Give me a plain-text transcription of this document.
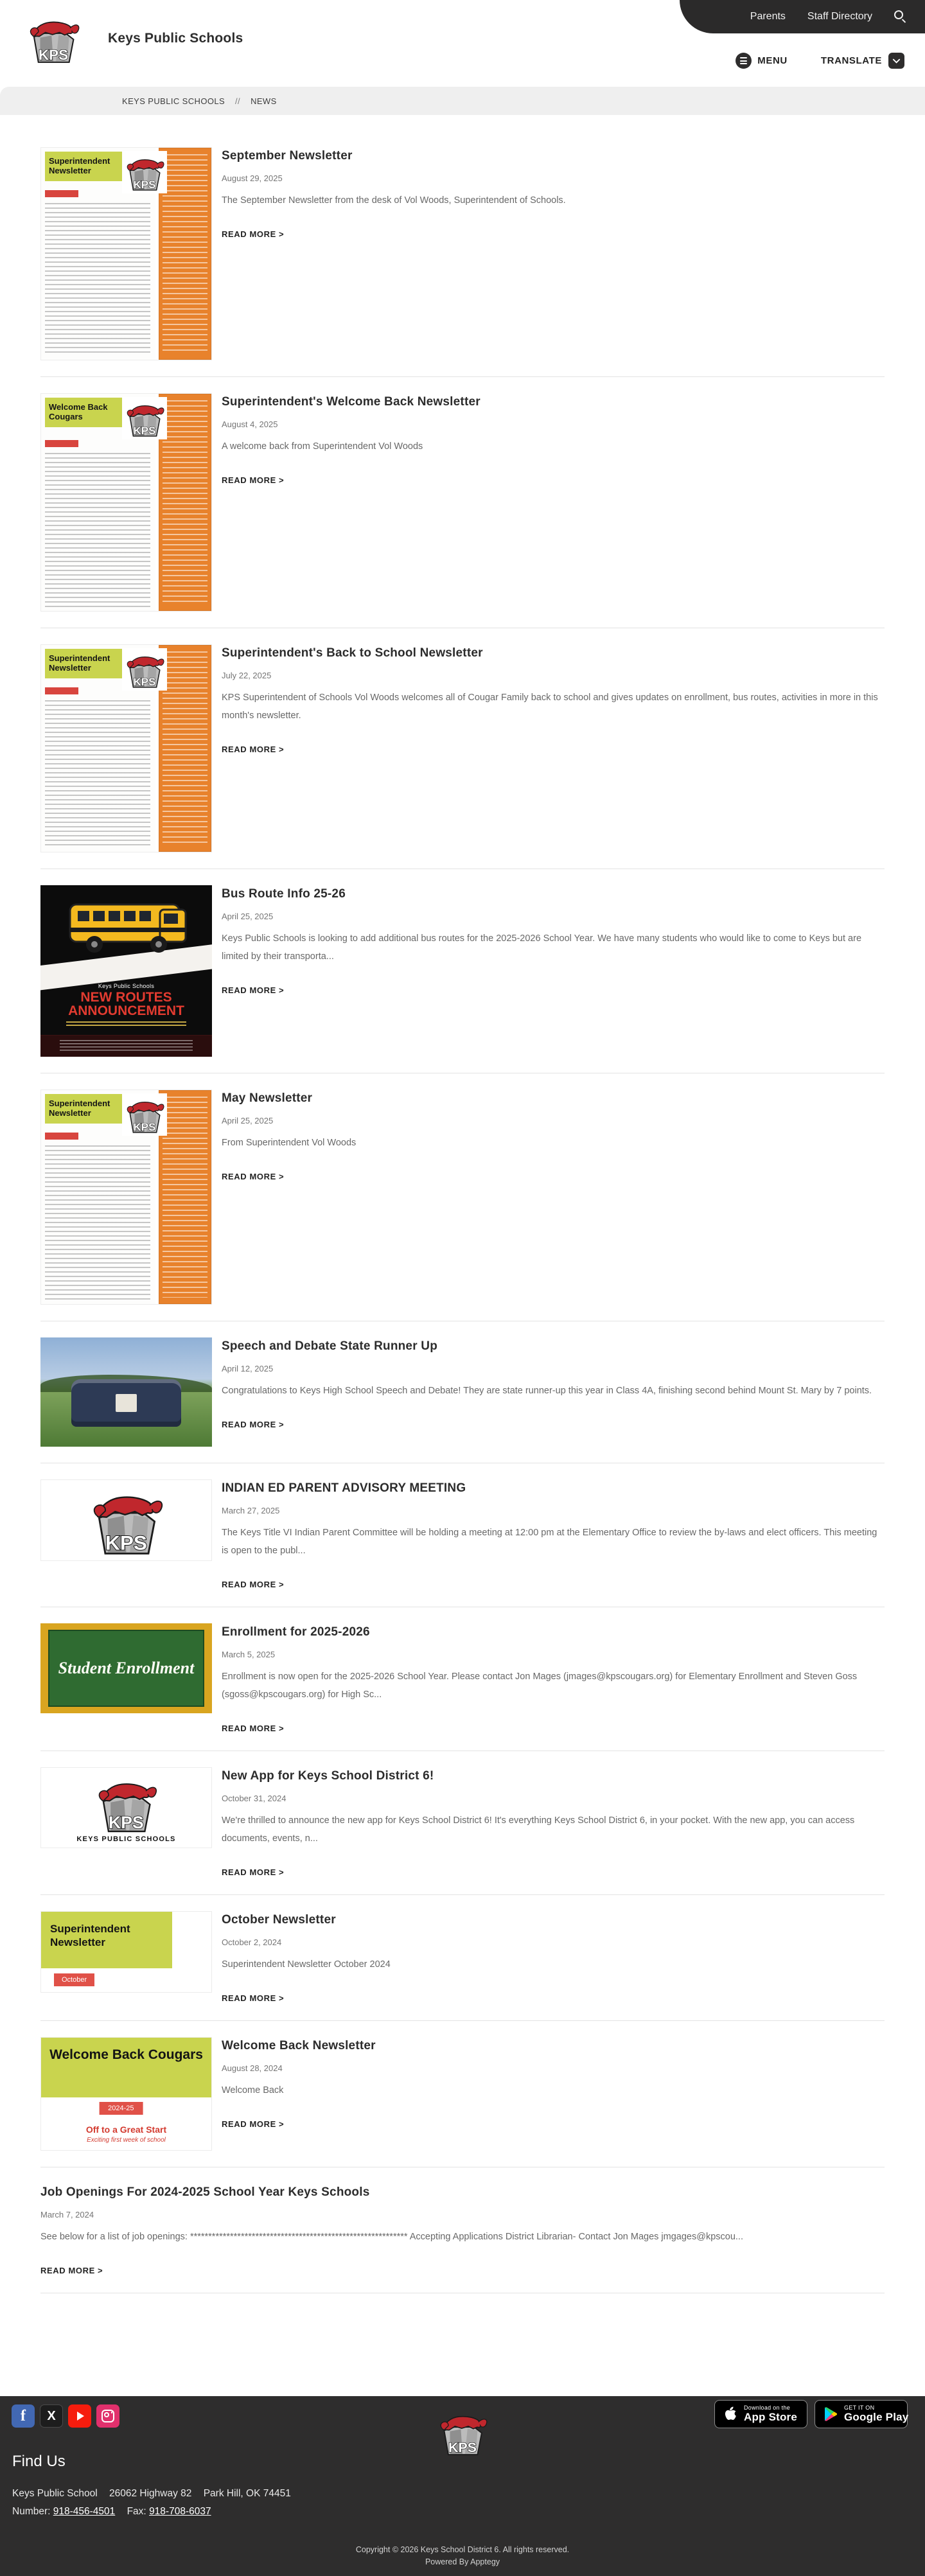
Parents Staff Directory
Keys Public Schools
MENU	TRANSLATE
KEYS PUBLIC SCHOOLS // NEWS
Superintendent Newsletter
September Newsletter
August 29, 2025
The September Newsletter from the desk of Vol Woods, Superintendent of Schools.
READ MORE >
Welcome Back Cougars
Superintendent's Welcome Back Newsletter
August 4, 2025
A welcome back from Superintendent Vol Woods
READ MORE >
Superintendent Newsletter
Superintendent's Back to School Newsletter
July 22, 2025
KPS Superintendent of Schools Vol Woods welcomes all of Cougar Family back to school and gives updates on enrollment, bus routes, activities in more in this month's newsletter.
READ MORE >
Keys Public Schools
NEW ROUTES ANNOUNCEMENT
Bus Route Info 25-26
April 25, 2025
Keys Public Schools is looking to add additional bus routes for the 2025-2026 School Year. We have many students who would like to come to Keys but are limited by their transporta...
READ MORE >
Superintendent Newsletter
May Newsletter
April 25, 2025
From Superintendent Vol Woods
READ MORE >
Speech and Debate State Runner Up
April 12, 2025
Congratulations to Keys High School Speech and Debate! They are state runner-up this year in Class 4A, finishing second behind Mount St. Mary by 7 points.
READ MORE >
INDIAN ED PARENT ADVISORY MEETING
March 27, 2025
The Keys Title VI Indian Parent Committee will be holding a meeting at 12:00 pm at the Elementary Office to review the by-laws and elect officers. This meeting is open to the publ...
READ MORE >
Student Enrollment
Enrollment for 2025-2026
March 5, 2025
Enrollment is now open for the 2025-2026 School Year. Please contact Jon Mages (jmages@kpscougars.org) for Elementary Enrollment and Steven Goss (sgoss@kpscougars.org) for High Sc...
READ MORE >
KEYS PUBLIC SCHOOLS
New App for Keys School District 6!
October 31, 2024
We're thrilled to announce the new app for Keys School District 6! It's everything Keys School District 6, in your pocket. With the new app, you can access documents, events, n...
READ MORE >
Superintendent Newsletter
October
October Newsletter
October 2, 2024
Superintendent Newsletter October 2024
READ MORE >
Welcome Back Cougars
2024-25
Off to a Great Start
Exciting first week of school
Welcome Back Newsletter
August 28, 2024
Welcome Back
READ MORE >
Job Openings For 2024-2025 School Year Keys Schools
March 7, 2024
See below for a list of job openings: ************************************************************ Accepting Applications District Librarian- Contact Jon Mages jmgages@kpscou...
READ MORE >
f	X
Download on the
App Store
GET IT ON
Google Play
Find Us
Keys Public School 26062 Highway 82 Park Hill, OK 74451
Number: 918-456-4501 Fax: 918-708-6037
Copyright © 2026 Keys School District 6. All rights reserved.
Powered By Apptegy
